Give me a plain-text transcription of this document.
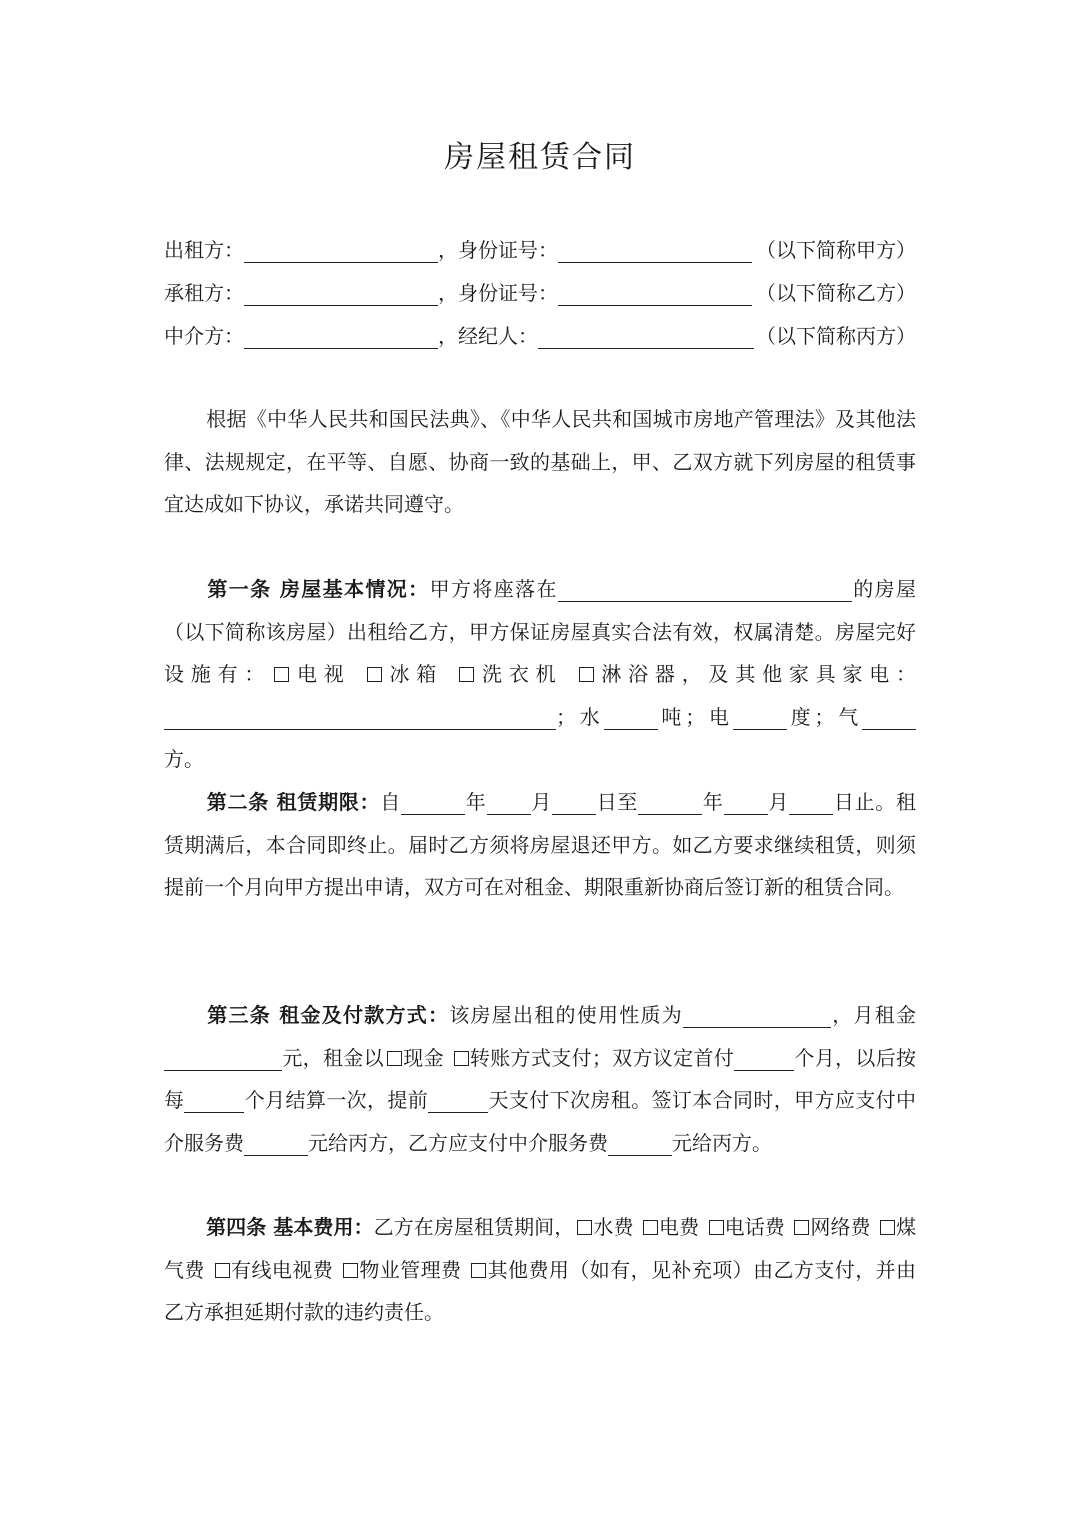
房屋租赁合同
出租方：	，身份证号：	（以下简称甲方）
承租方：	，身份证号：	（以下简称乙方）
中介方：	，经纪人：	（以下简称丙方）
根据《中华人民共和国民法典》、《中华人民共和国城市房地产管理法》及其他法律、法规规定，在平等、自愿、协商一致的基础上，甲、乙双方就下列房屋的租赁事宜达成如下协议，承诺共同遵守。
第一条 房屋基本情况：甲方将座落在	的房屋（以下简称该房屋）出租给乙方，甲方保证房屋真实合法有效，权属清楚。房屋完好设施有： 电视 冰箱 洗衣机 淋浴器，及其他家具家电：；水	吨；电	度；气方。
第二条 租赁期限：自	年 月 日至	年 月 日止。租赁期满后，本合同即终止。届时乙方须将房屋退还甲方。如乙方要求继续租赁，则须提前一个月向甲方提出申请，双方可在对租金、期限重新协商后签订新的租赁合同。
第三条 租金及付款方式：该房屋出租的使用性质为	，月租金元，租金以 现金 转账方式支付；双方议定首付	个月，以后按每	个月结算一次，提前	天支付下次房租。签订本合同时，甲方应支付中介服务费	元给丙方，乙方应支付中介服务费	元给丙方。
第四条 基本费用：乙方在房屋租赁期间， 水费 电费 电话费 网络费 煤气费 有线电视费 物业管理费 其他费用（如有，见补充项）由乙方支付，并由乙方承担延期付款的违约责任。
